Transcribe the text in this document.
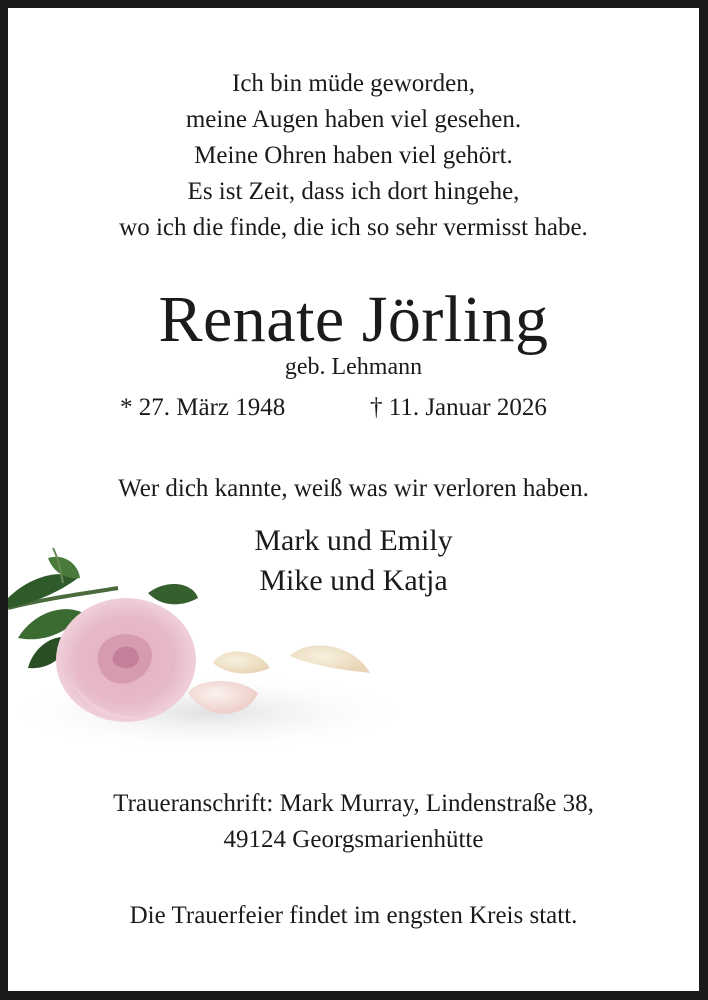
Ich bin müde geworden,
meine Augen haben viel gesehen.
Meine Ohren haben viel gehört.
Es ist Zeit, dass ich dort hingehe,
wo ich die finde, die ich so sehr vermisst habe.
Renate Jörling
geb. Lehmann
* 27. März 1948	† 11. Januar 2026
Wer dich kannte, weiß was wir verloren haben.
Mark und Emily
Mike und Katja
Traueranschrift: Mark Murray, Lindenstraße 38,
49124 Georgsmarienhütte
Die Trauerfeier findet im engsten Kreis statt.
